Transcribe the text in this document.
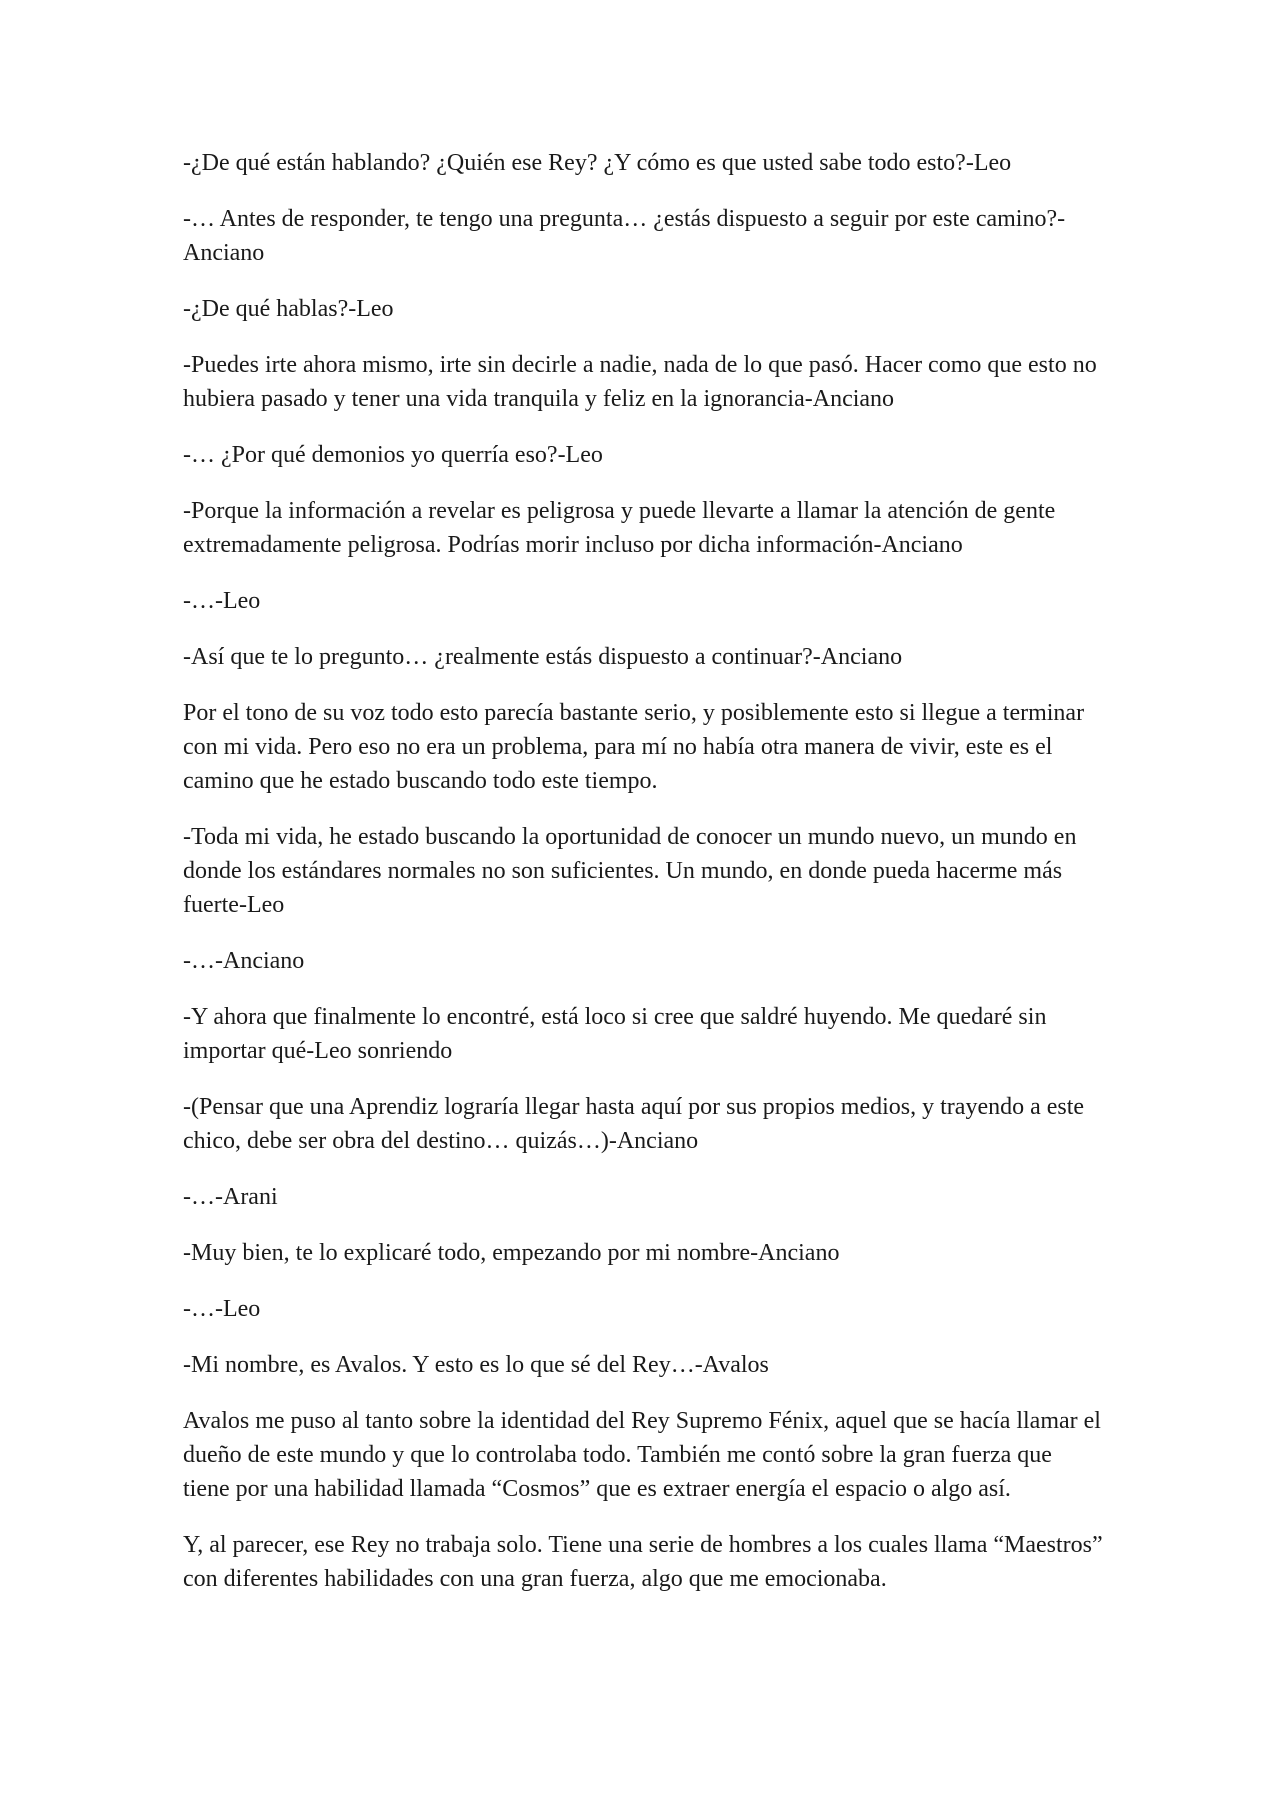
-¿De qué están hablando? ¿Quién ese Rey? ¿Y cómo es que usted sabe todo esto?-Leo

-… Antes de responder, te tengo una pregunta… ¿estás dispuesto a seguir por este camino?-Anciano

-¿De qué hablas?-Leo

-Puedes irte ahora mismo, irte sin decirle a nadie, nada de lo que pasó. Hacer como que esto no hubiera pasado y tener una vida tranquila y feliz en la ignorancia-Anciano

-… ¿Por qué demonios yo querría eso?-Leo

-Porque la información a revelar es peligrosa y puede llevarte a llamar la atención de gente extremadamente peligrosa. Podrías morir incluso por dicha información-Anciano

-…-Leo

-Así que te lo pregunto… ¿realmente estás dispuesto a continuar?-Anciano

Por el tono de su voz todo esto parecía bastante serio, y posiblemente esto si llegue a terminar con mi vida. Pero eso no era un problema, para mí no había otra manera de vivir, este es el camino que he estado buscando todo este tiempo.

-Toda mi vida, he estado buscando la oportunidad de conocer un mundo nuevo, un mundo en donde los estándares normales no son suficientes. Un mundo, en donde pueda hacerme más fuerte-Leo

-…-Anciano

-Y ahora que finalmente lo encontré, está loco si cree que saldré huyendo. Me quedaré sin importar qué-Leo sonriendo

-(Pensar que una Aprendiz lograría llegar hasta aquí por sus propios medios, y trayendo a este chico, debe ser obra del destino… quizás…)-Anciano

-…-Arani

-Muy bien, te lo explicaré todo, empezando por mi nombre-Anciano

-…-Leo

-Mi nombre, es Avalos. Y esto es lo que sé del Rey…-Avalos

Avalos me puso al tanto sobre la identidad del Rey Supremo Fénix, aquel que se hacía llamar el dueño de este mundo y que lo controlaba todo. También me contó sobre la gran fuerza que tiene por una habilidad llamada “Cosmos” que es extraer energía el espacio o algo así.

Y, al parecer, ese Rey no trabaja solo. Tiene una serie de hombres a los cuales llama “Maestros” con diferentes habilidades con una gran fuerza, algo que me emocionaba.
